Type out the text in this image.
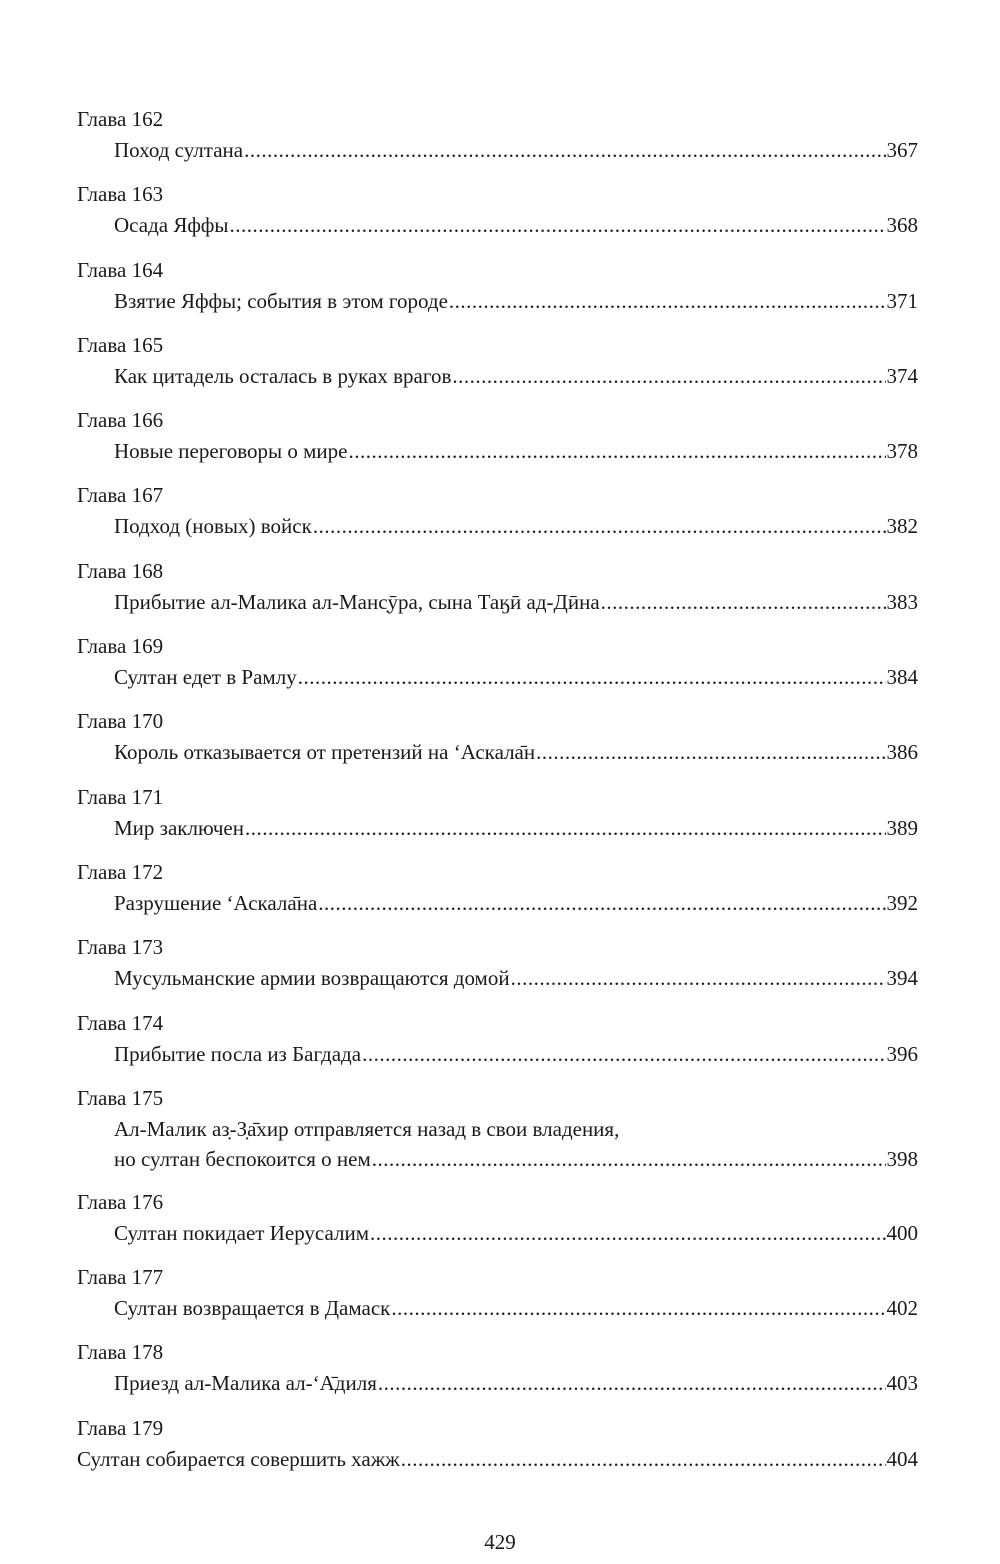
Глава 162
Поход султана .....	367
Глава 163
Осада Яффы .....	368
Глава 164
Взятие Яффы; события в этом городе .....	371
Глава 165
Как цитадель осталась в руках врагов .....	374
Глава 166
Новые переговоры о мире .....	378
Глава 167
Подход (новых) войск .....	382
Глава 168
Прибытие ал-Малика ал-Манс̣ӯра, сына Таӄӣ ад-Дӣна .....	383
Глава 169
Султан едет в Рамлу .....	384
Глава 170
Король отказывается от претензий на ‘Аскала̄н .....	386
Глава 171
Мир заключен .....	389
Глава 172
Разрушение ‘Аскала̄на .....	392
Глава 173
Мусульманские армии возвращаются домой .....	394
Глава 174
Прибытие посла из Багдада .....	396
Глава 175
Ал-Малик аз̣-З̣а̄хир отправляется назад в свои владения,
но султан беспокоится о нем .....	398
Глава 176
Султан покидает Иерусалим .....	400
Глава 177
Султан возвращается в Дамаск .....	402
Глава 178
Приезд ал-Малика ал-‘А̄диля .....	403
Глава 179
Султан собирается совершить хажж .....	404
429
